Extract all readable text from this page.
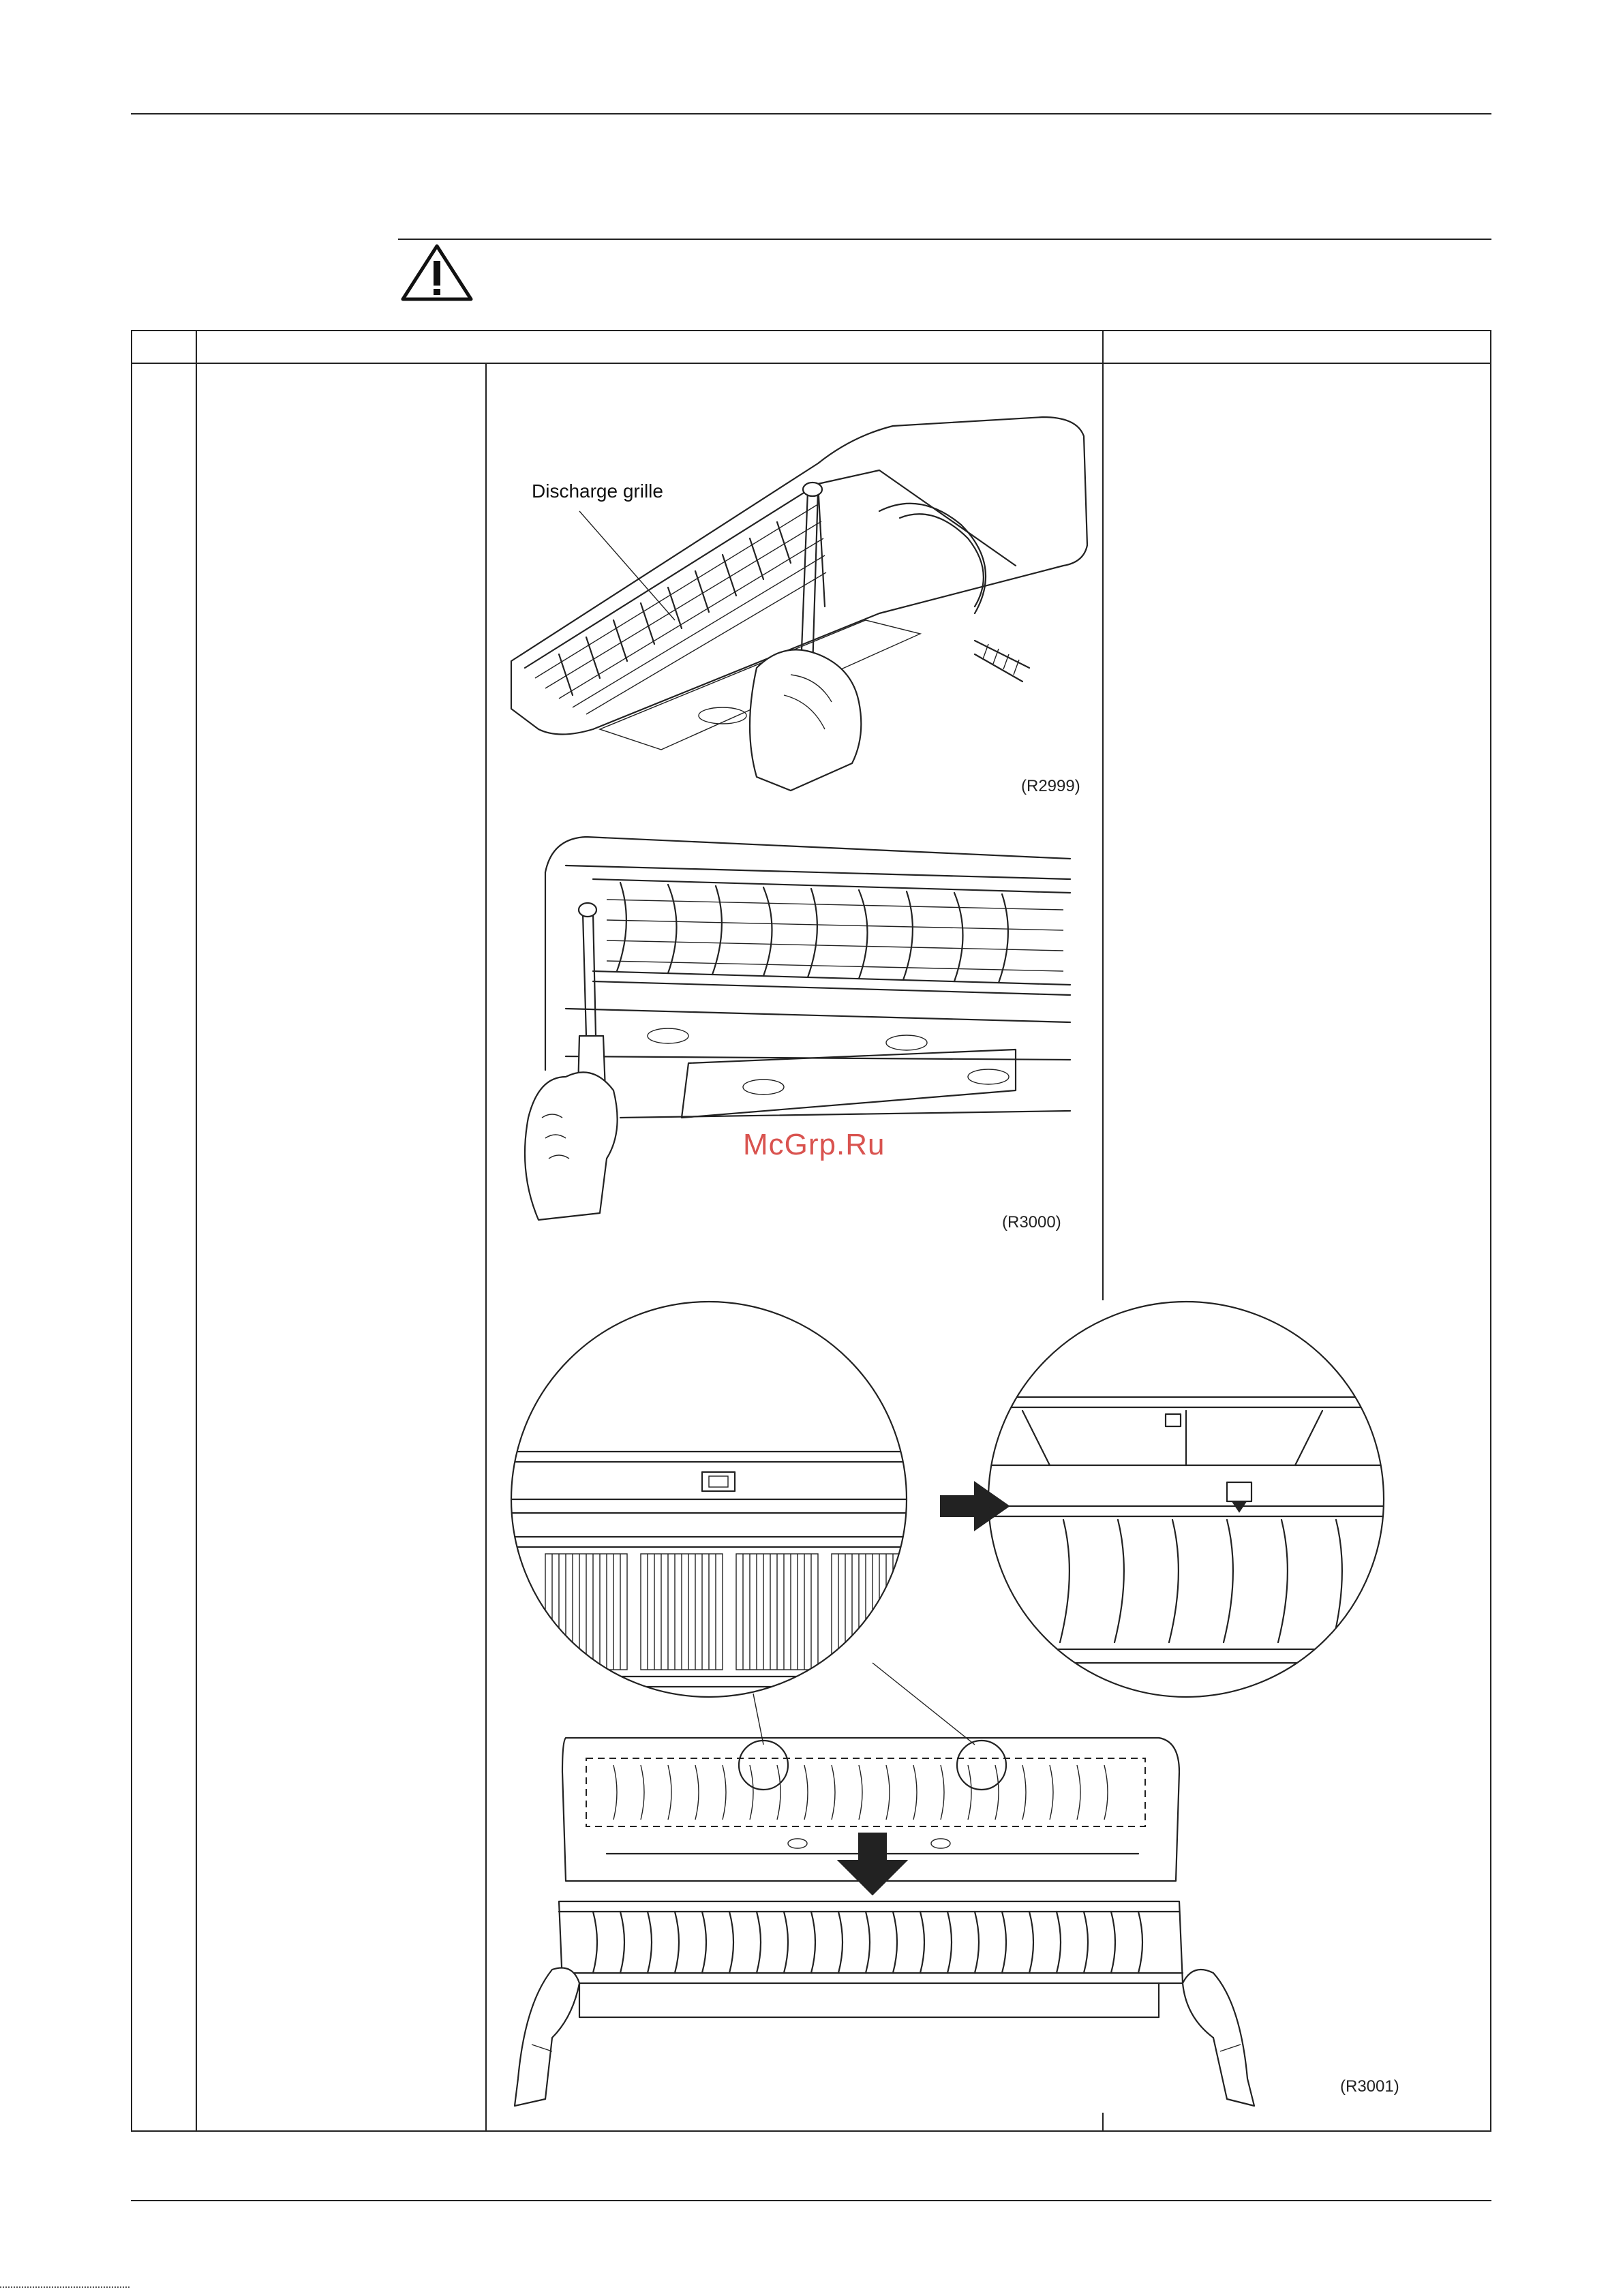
Discharge grille
(R2999)
McGrp.Ru
(R3000)
(R3001)
